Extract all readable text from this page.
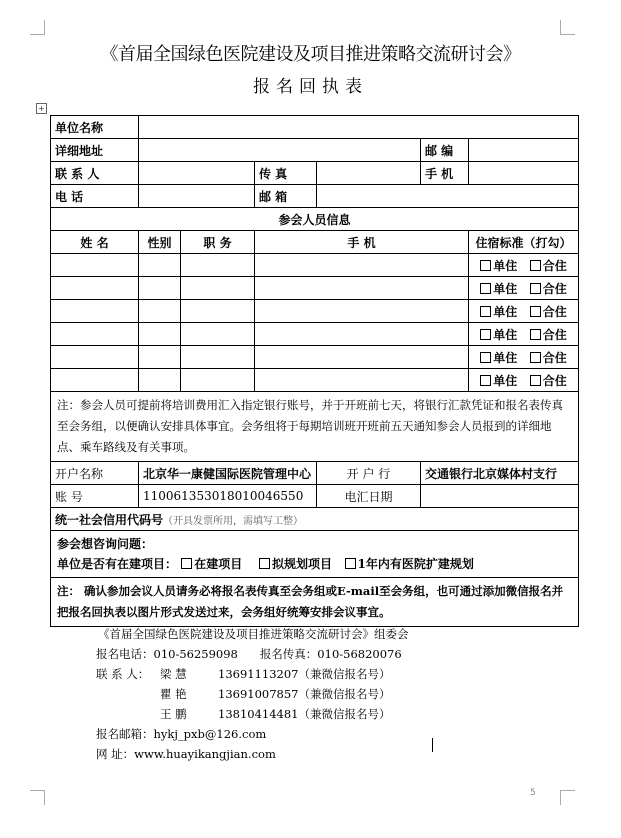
《首届全国绿色医院建设及项目推进策略交流研讨会》
报名回执表
+
单位名称						
详细地址					邮 编	
联 系 人			传 真		手 机	
电 话			邮 箱			
参会人员信息						
姓 名	性别	职 务	手 机			住宿标准（打勾）
						单住 合住
						单住 合住
						单住 合住
						单住 合住
						单住 合住
						单住 合住
注：参会人员可提前将培训费用汇入指定银行账号，并于开班前七天，将银行汇款凭证和报名表传真至会务组，以便确认安排具体事宜。会务组将于每期培训班开班前五天通知参会人员报到的详细地点、乘车路线及有关事项。						
开户名称	北京华一康健国际医院管理中心			开 户 行	交通银行北京媒体村支行	
账 号	110061353018010046550			电汇日期		
统一社会信用代码号（开具发票所用，需填写工整）						

参会想咨询问题：
单位是否有在建项目： 在建项目 拟规划项目 1年内有医院扩建规划						

注： 确认参加会议人员请务必将报名表传真至会务组或E-mail至会务组，也可通过添加微信报名并把报名回执表以图片形式发送过来，会务组好统筹安排会议事宜。						
《首届全国绿色医院建设及项目推进策略交流研讨会》组委会
报名电话：010-56259098 报名传真：010-56820076
联 系 人： 梁 慧	13691113207（兼微信报名号）
瞿 艳	13691007857（兼微信报名号）
王 鹏	13810414481（兼微信报名号）
报名邮箱：hykj_pxb@126.com
网 址：www.huayikangjian.com
5
